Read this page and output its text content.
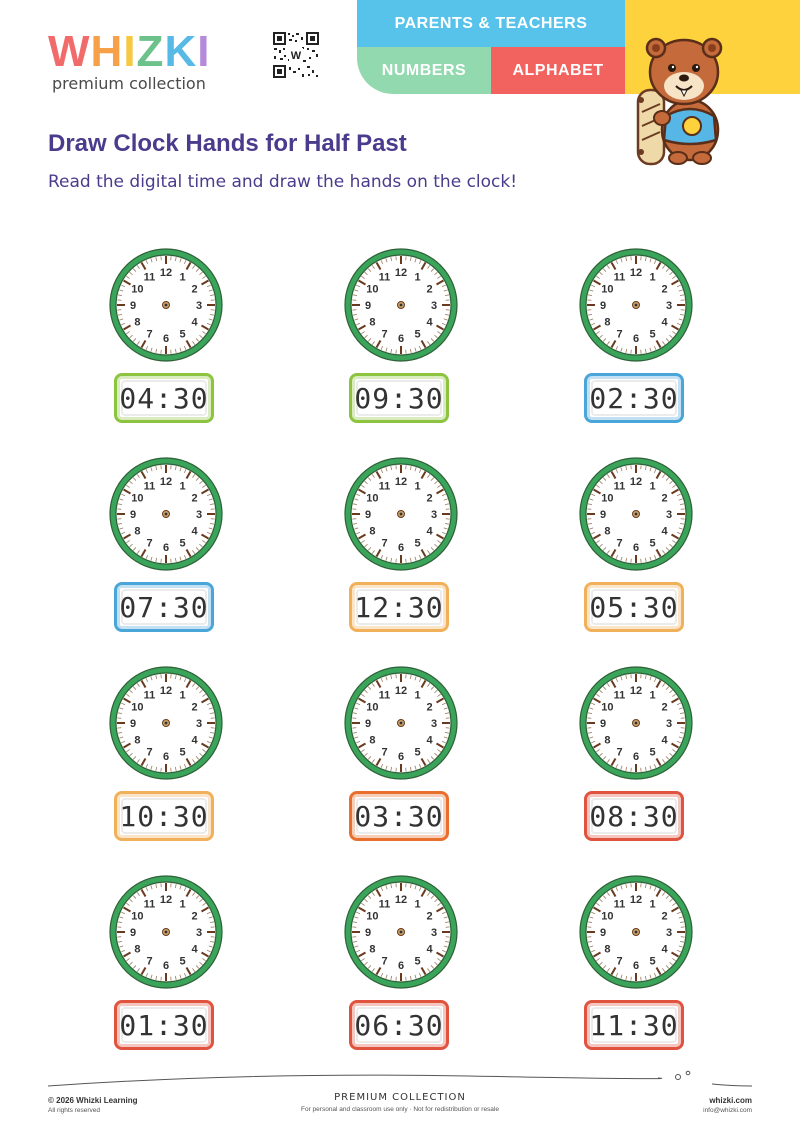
WHIZKI
premium collection
W
PARENTS & TEACHERS
NUMBERS	ALPHABET
Draw Clock Hands for Half Past
Read the digital time and draw the hands on the clock!
12 1
2
3
4
5
6
7
8
9
10
11
04:30
12 1
2
3
4
5
6
7
8
9
10
11
09:30
12 1
2
3
4
5
6
7
8
9
10
11
02:30
12 1
2
3
4
5
6
7
8
9
10
11
07:30
12 1
2
3
4
5
6
7
8
9
10
11
12:30
12 1
2
3
4
5
6
7
8
9
10
11
05:30
12 1
2
3
4
5
6
7
8
9
10
11
10:30
12 1
2
3
4
5
6
7
8
9
10
11
03:30
12 1
2
3
4
5
6
7
8
9
10
11
08:30
12 1
2
3
4
5
6
7
8
9
10
11
01:30
12 1
2
3
4
5
6
7
8
9
10
11
06:30
12 1
2
3
4
5
6
7
8
9
10
11
11:30
© 2026 Whizki Learning
All rights reserved
PREMIUM COLLECTION
For personal and classroom use only · Not for redistribution or resale
whizki.com
info@whizki.com
